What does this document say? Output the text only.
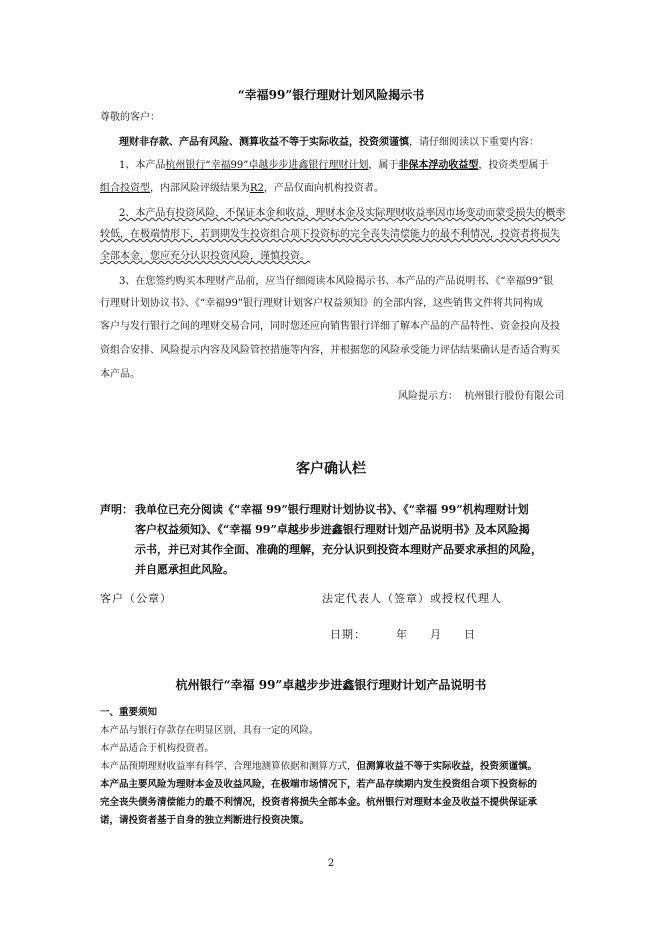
“幸福99”银行理财计划风险揭示书
尊敬的客户：
理财非存款、产品有风险、测算收益不等于实际收益，投资须谨慎，请仔细阅读以下重要内容：
1、本产品杭州银行“幸福99”卓越步步进鑫银行理财计划，属于非保本浮动收益型，投资类型属于
组合投资型，内部风险评级结果为R2，产品仅面向机构投资者。
2、本产品有投资风险，不保证本金和收益，理财本金及实际理财收益率因市场变动而蒙受损失的概率
较低，在极端情形下，若到期发生投资组合项下投资标的完全丧失清偿能力的最不利情况，投资者将损失
全部本金，您应充分认识投资风险，谨慎投资。
3、在您签约购买本理财产品前，应当仔细阅读本风险揭示书、本产品的产品说明书、《“幸福99”银
行理财计划协议书》、《“幸福99”银行理财计划客户权益须知》的全部内容，这些销售文件将共同构成
客户与发行银行之间的理财交易合同，同时您还应向销售银行详细了解本产品的产品特性、资金投向及投
资组合安排、风险提示内容及风险管控措施等内容，并根据您的风险承受能力评估结果确认是否适合购买
本产品。
风险提示方： 杭州银行股份有限公司
客户确认栏
声明： 我单位已充分阅读《“幸福 99”银行理财计划协议书》、《“幸福 99”机构理财计划
客户权益须知》、《“幸福 99”卓越步步进鑫银行理财计划产品说明书》及本风险揭
示书，并已对其作全面、准确的理解，充分认识到投资本理财产品要求承担的风险，
并自愿承担此风险。
客户（公章）	法定代表人（签章）或授权代理人
日期：	年 月 日
杭州银行“幸福 99”卓越步步进鑫银行理财计划产品说明书
一、重要须知
本产品与银行存款存在明显区别，具有一定的风险。
本产品适合于机构投资者。
本产品预期理财收益率有科学、合理地测算依据和测算方式，但测算收益不等于实际收益，投资须谨慎。
本产品主要风险为理财本金及收益风险，在极端市场情况下，若产品存续期内发生投资组合项下投资标的
完全丧失债务清偿能力的最不利情况，投资者将损失全部本金。杭州银行对理财本金及收益不提供保证承
诺，请投资者基于自身的独立判断进行投资决策。
2
